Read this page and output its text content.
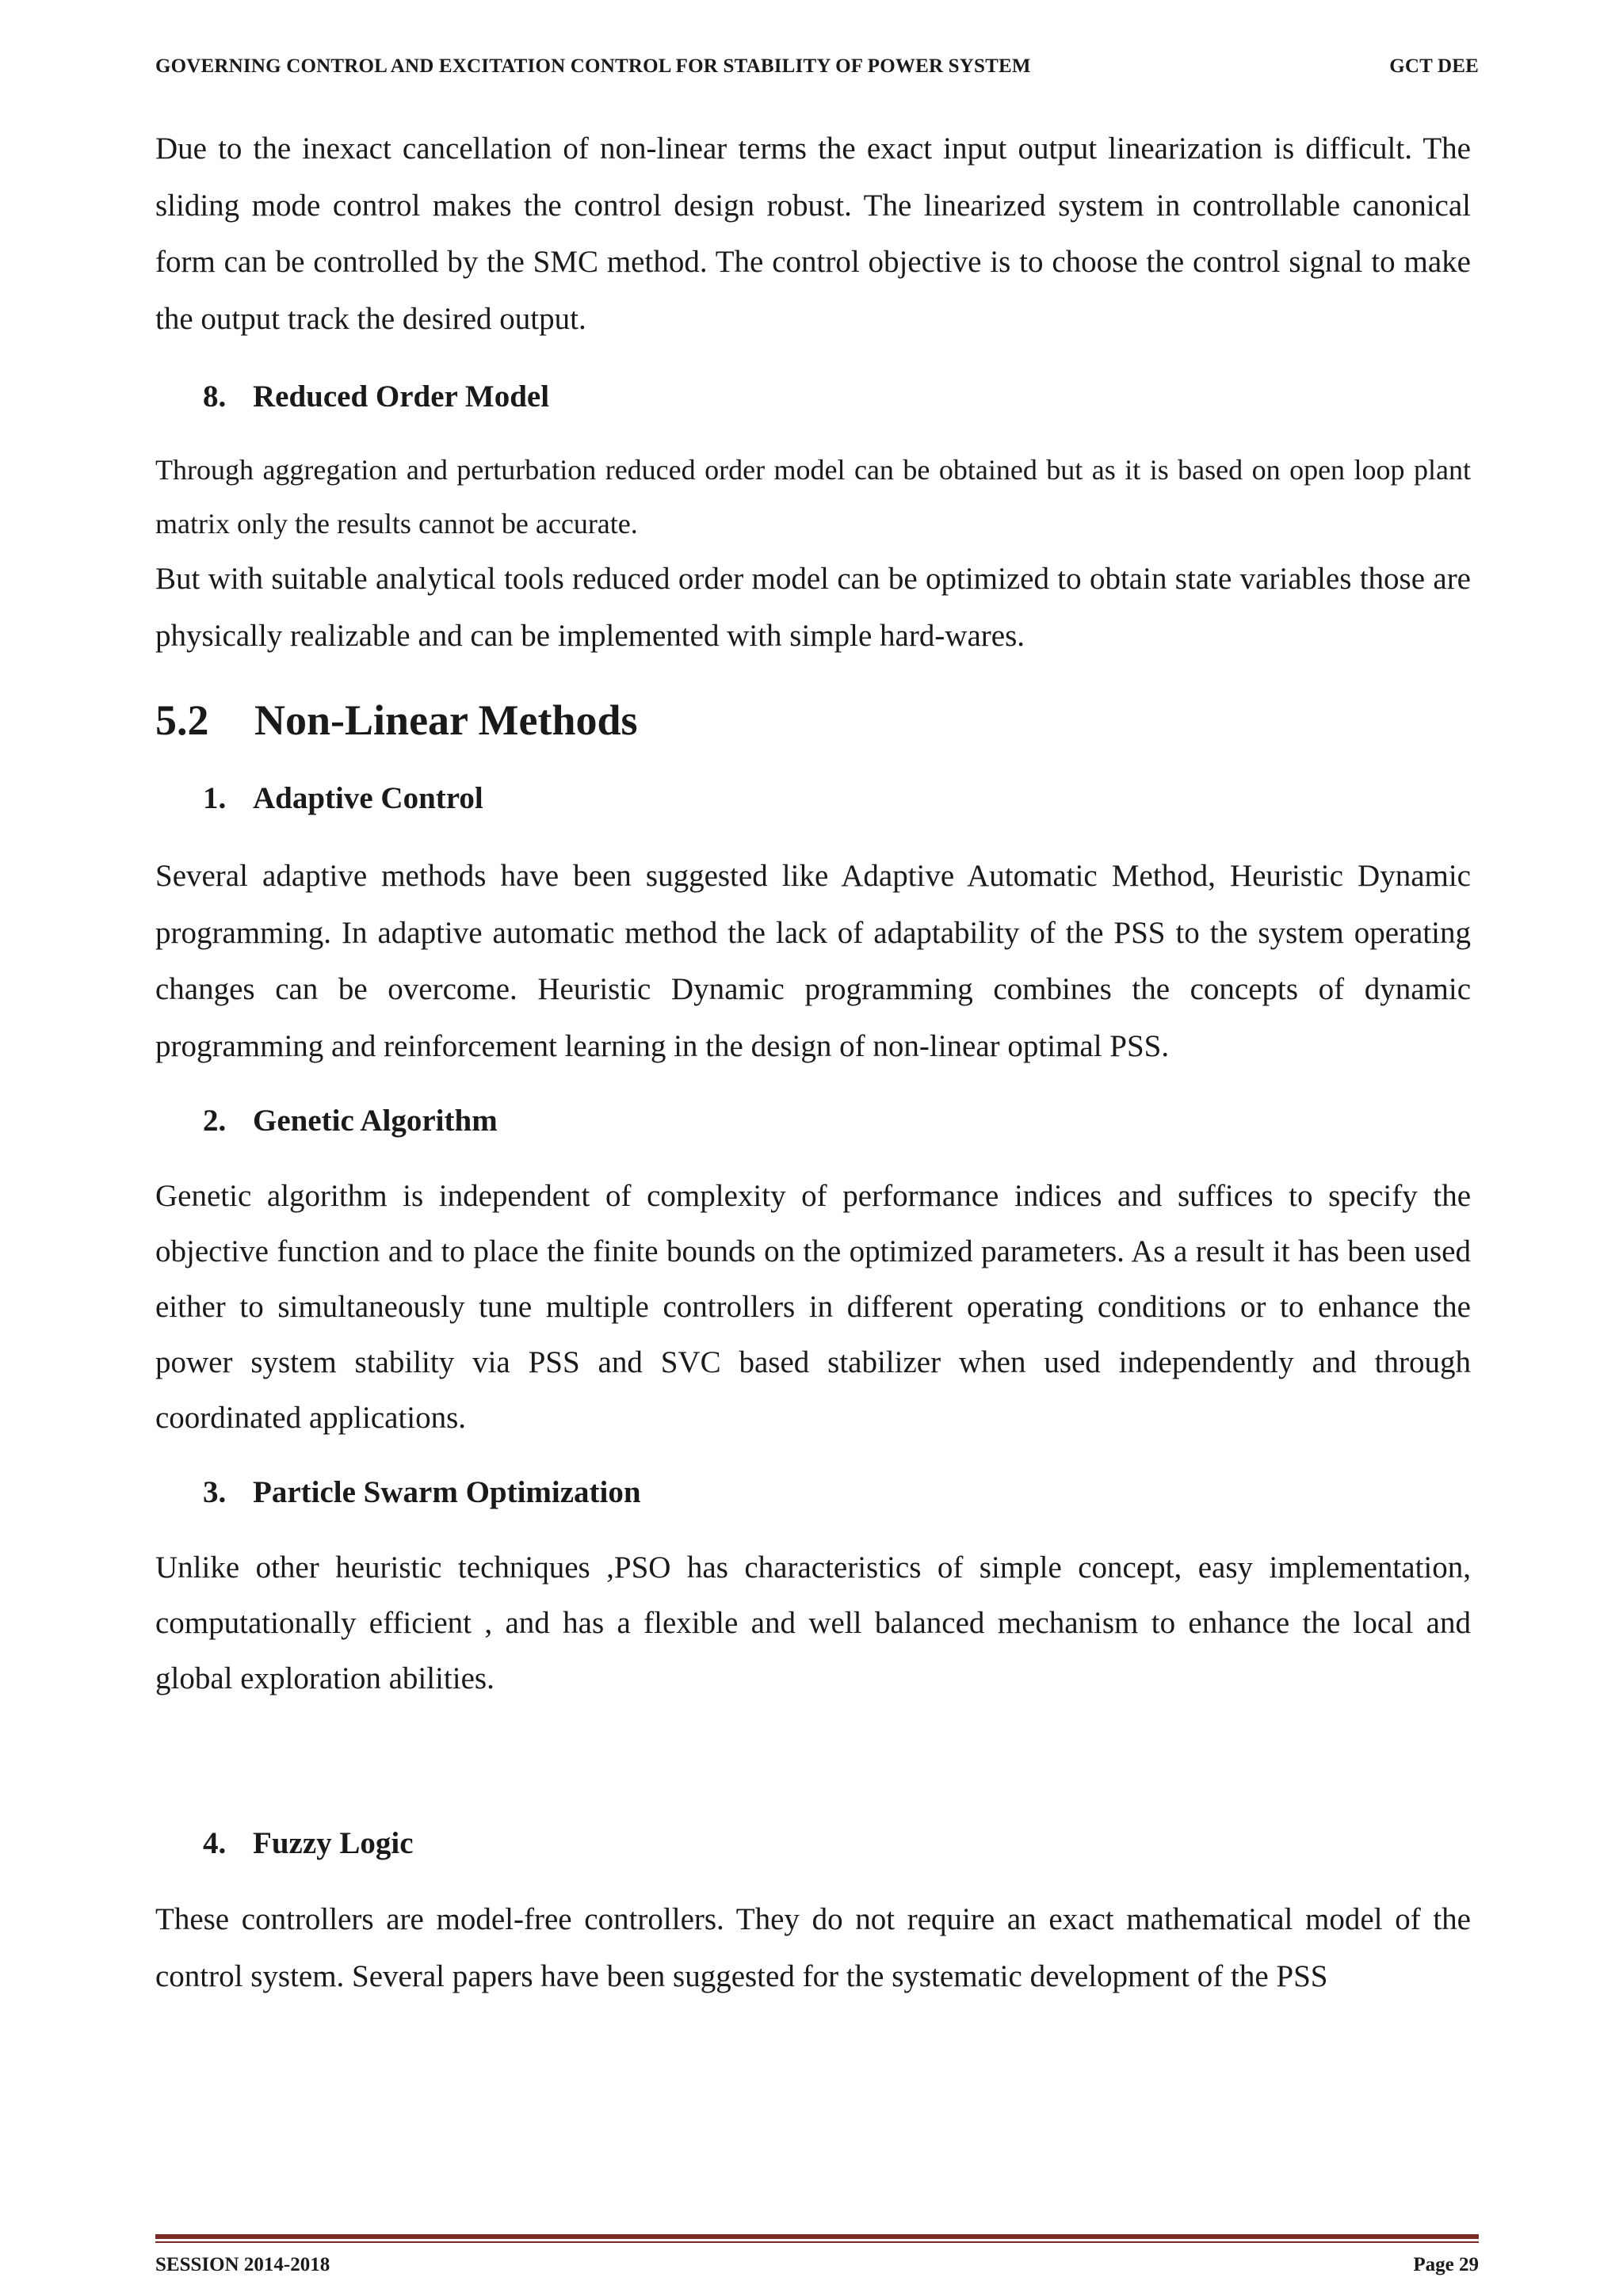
GOVERNING CONTROL AND EXCITATION CONTROL FOR STABILITY OF POWER SYSTEM	GCT DEE

Due to the inexact cancellation of non-linear terms the exact input output linearization is difficult. The sliding mode control makes the control design robust. The linearized system in controllable canonical form can be controlled by the SMC method. The control objective is to choose the control signal to make the output track the desired output.

8. Reduced Order Model

Through aggregation and perturbation reduced order model can be obtained but as it is based on open loop plant matrix only the results cannot be accurate.

But with suitable analytical tools reduced order model can be optimized to obtain state variables those are physically realizable and can be implemented with simple hard-wares.

5.2	Non-Linear Methods
1. Adaptive Control

Several adaptive methods have been suggested like Adaptive Automatic Method, Heuristic Dynamic programming. In adaptive automatic method the lack of adaptability of the PSS to the system operating changes can be overcome. Heuristic Dynamic programming combines the concepts of dynamic programming and reinforcement learning in the design of non-linear optimal PSS.

2. Genetic Algorithm

Genetic algorithm is independent of complexity of performance indices and suffices to specify the objective function and to place the finite bounds on the optimized parameters. As a result it has been used either to simultaneously tune multiple controllers in different operating conditions or to enhance the power system stability via PSS and SVC based stabilizer when used independently and through coordinated applications.

3. Particle Swarm Optimization

Unlike other heuristic techniques ,PSO has characteristics of simple concept, easy implementation, computationally efficient , and has a flexible and well balanced mechanism to enhance the local and global exploration abilities.

4. Fuzzy Logic

These controllers are model-free controllers. They do not require an exact mathematical model of the control system. Several papers have been suggested for the systematic development of the PSS

SESSION 2014-2018	Page 29
